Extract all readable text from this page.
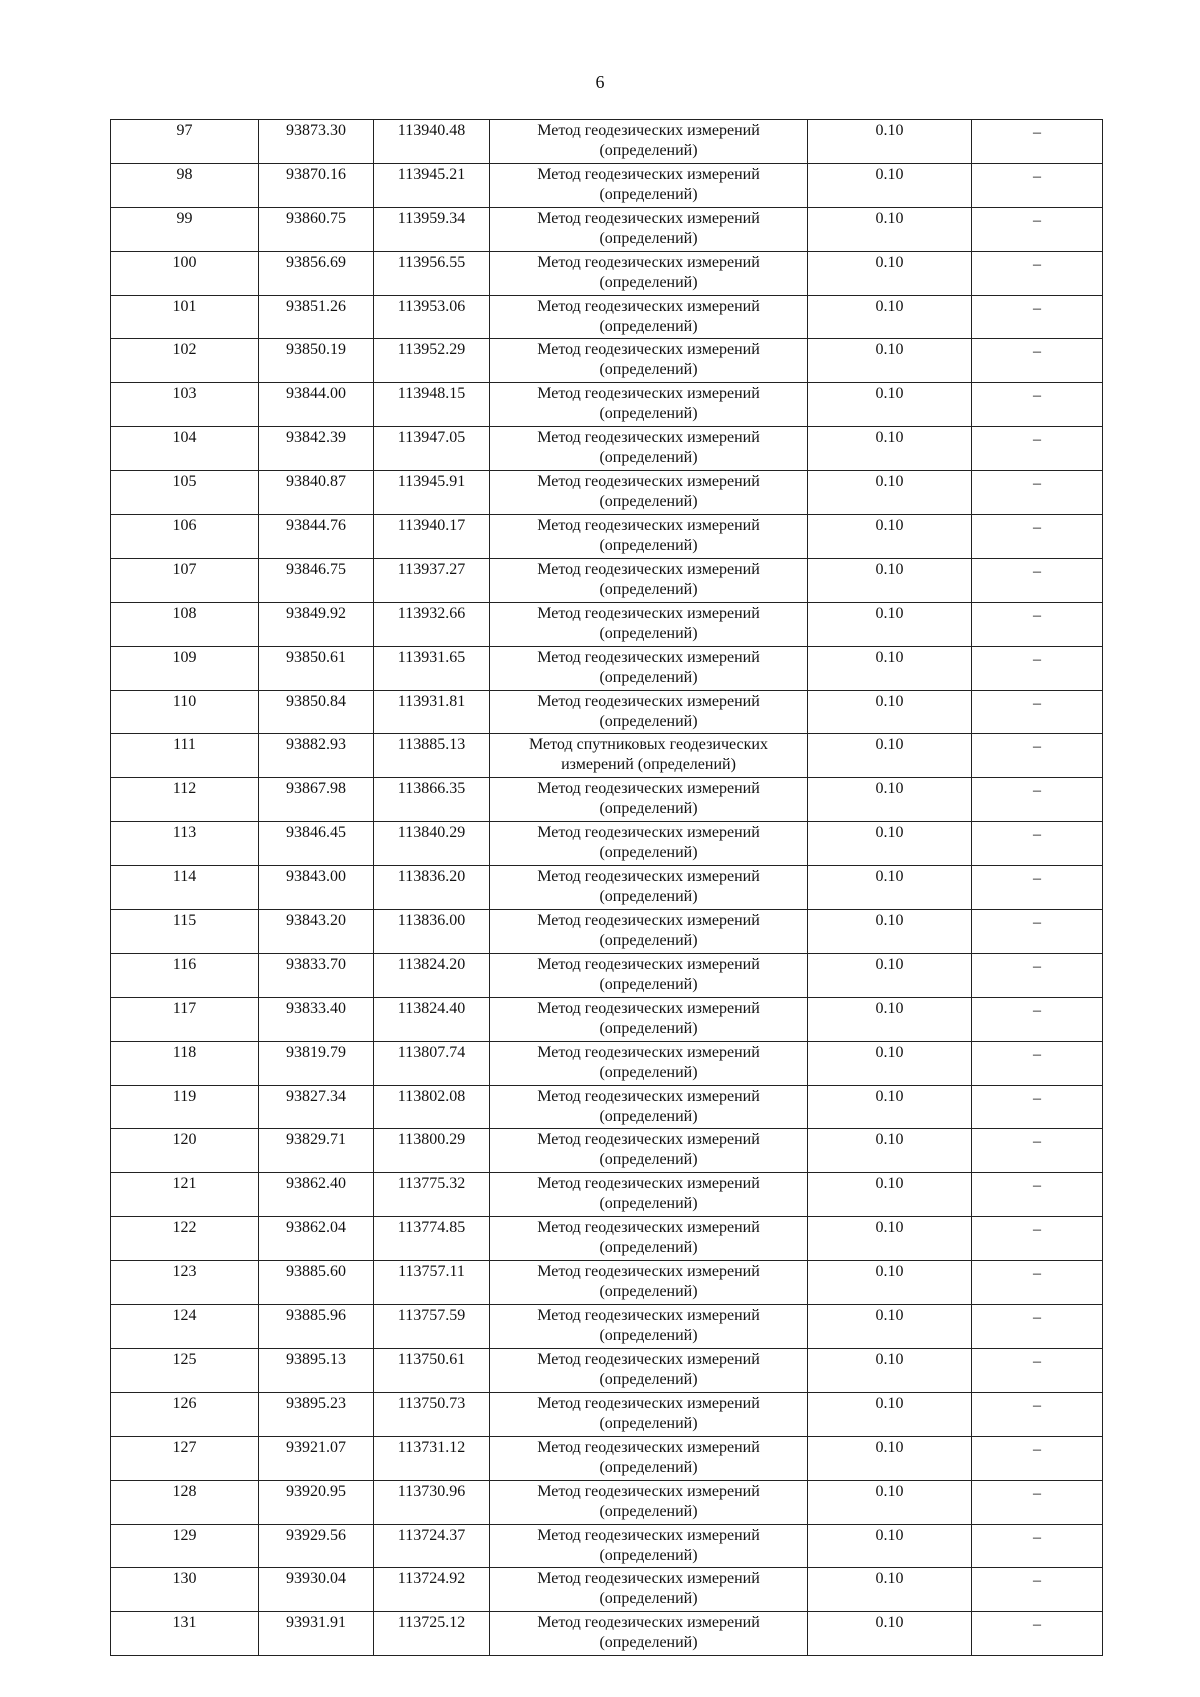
6
97	93873.30	113940.48	Метод геодезических измерений (определений)	0.10	–
98	93870.16	113945.21	Метод геодезических измерений (определений)	0.10	–
99	93860.75	113959.34	Метод геодезических измерений (определений)	0.10	–
100	93856.69	113956.55	Метод геодезических измерений (определений)	0.10	–
101	93851.26	113953.06	Метод геодезических измерений (определений)	0.10	–
102	93850.19	113952.29	Метод геодезических измерений (определений)	0.10	–
103	93844.00	113948.15	Метод геодезических измерений (определений)	0.10	–
104	93842.39	113947.05	Метод геодезических измерений (определений)	0.10	–
105	93840.87	113945.91	Метод геодезических измерений (определений)	0.10	–
106	93844.76	113940.17	Метод геодезических измерений (определений)	0.10	–
107	93846.75	113937.27	Метод геодезических измерений (определений)	0.10	–
108	93849.92	113932.66	Метод геодезических измерений (определений)	0.10	–
109	93850.61	113931.65	Метод геодезических измерений (определений)	0.10	–
110	93850.84	113931.81	Метод геодезических измерений (определений)	0.10	–
111	93882.93	113885.13	Метод спутниковых геодезических измерений (определений)	0.10	–
112	93867.98	113866.35	Метод геодезических измерений (определений)	0.10	–
113	93846.45	113840.29	Метод геодезических измерений (определений)	0.10	–
114	93843.00	113836.20	Метод геодезических измерений (определений)	0.10	–
115	93843.20	113836.00	Метод геодезических измерений (определений)	0.10	–
116	93833.70	113824.20	Метод геодезических измерений (определений)	0.10	–
117	93833.40	113824.40	Метод геодезических измерений (определений)	0.10	–
118	93819.79	113807.74	Метод геодезических измерений (определений)	0.10	–
119	93827.34	113802.08	Метод геодезических измерений (определений)	0.10	–
120	93829.71	113800.29	Метод геодезических измерений (определений)	0.10	–
121	93862.40	113775.32	Метод геодезических измерений (определений)	0.10	–
122	93862.04	113774.85	Метод геодезических измерений (определений)	0.10	–
123	93885.60	113757.11	Метод геодезических измерений (определений)	0.10	–
124	93885.96	113757.59	Метод геодезических измерений (определений)	0.10	–
125	93895.13	113750.61	Метод геодезических измерений (определений)	0.10	–
126	93895.23	113750.73	Метод геодезических измерений (определений)	0.10	–
127	93921.07	113731.12	Метод геодезических измерений (определений)	0.10	–
128	93920.95	113730.96	Метод геодезических измерений (определений)	0.10	–
129	93929.56	113724.37	Метод геодезических измерений (определений)	0.10	–
130	93930.04	113724.92	Метод геодезических измерений (определений)	0.10	–
131	93931.91	113725.12	Метод геодезических измерений (определений)	0.10	–
